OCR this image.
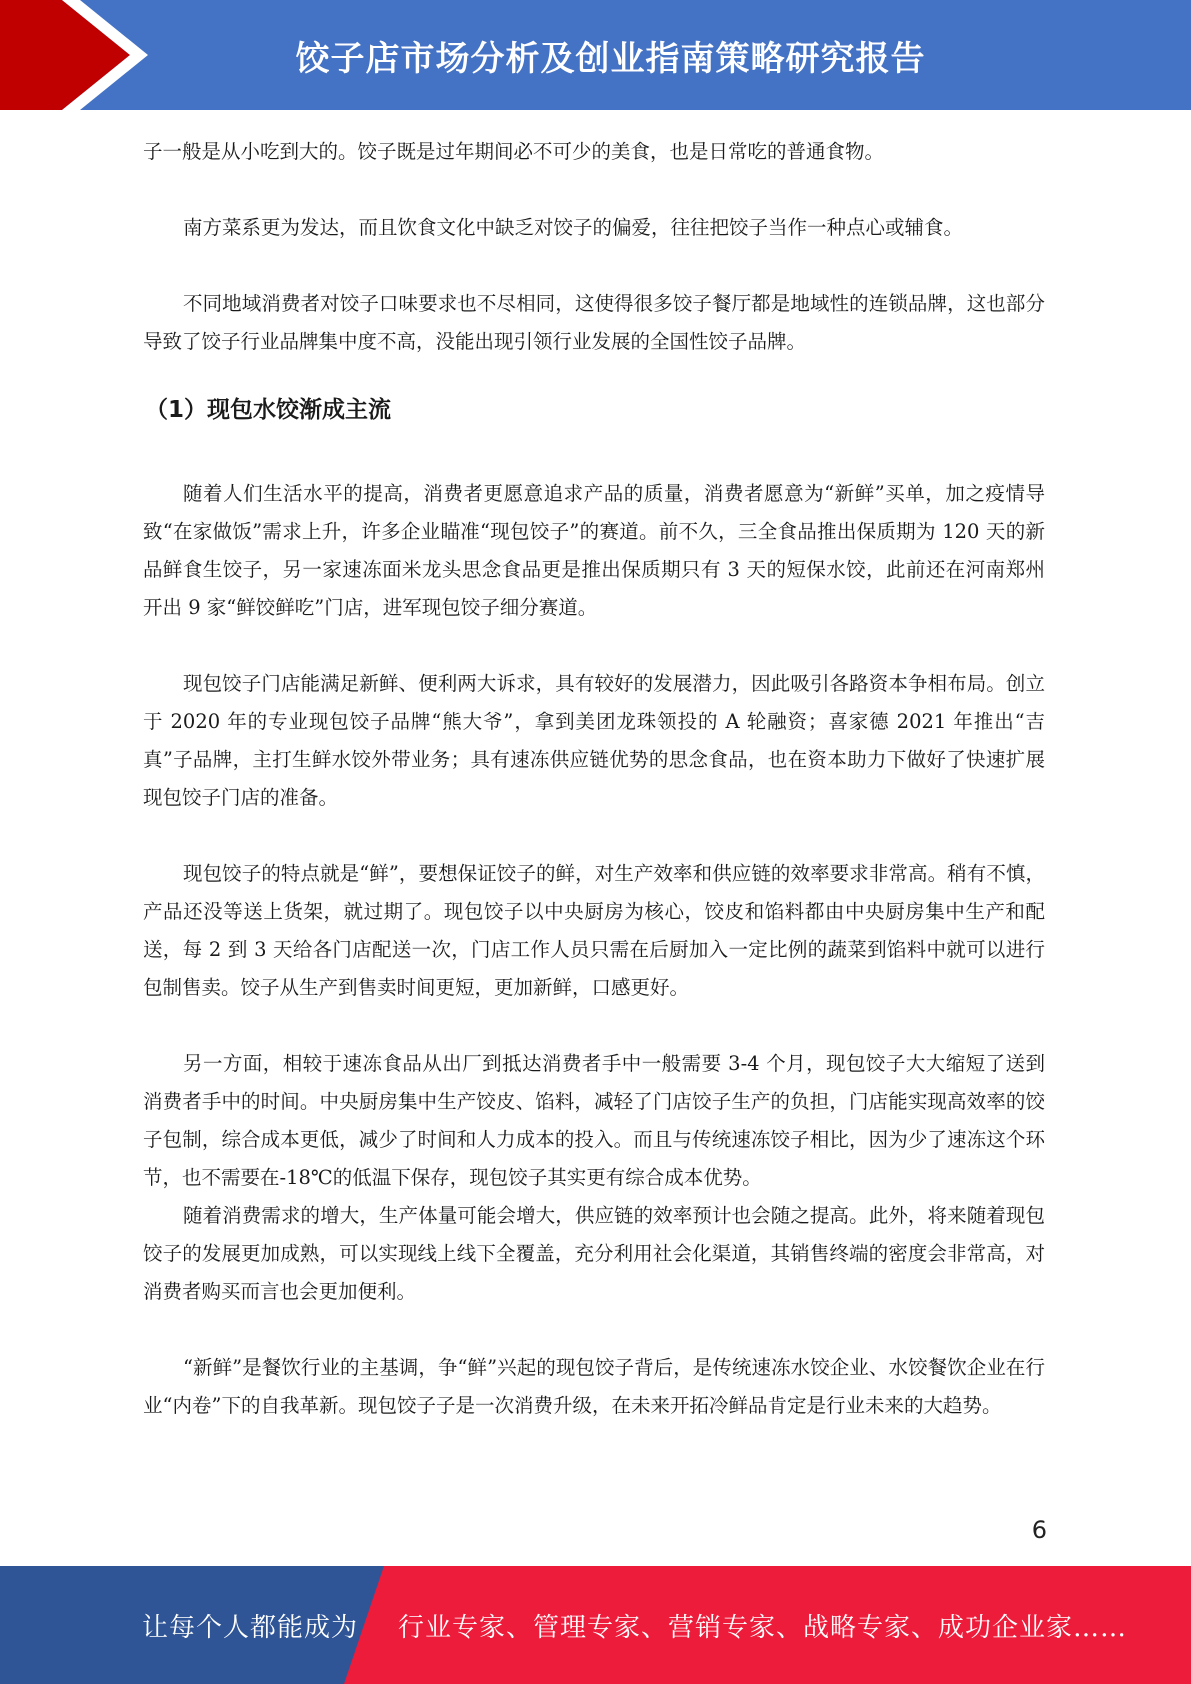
饺子店市场分析及创业指南策略研究报告

子一般是从小吃到大的。饺子既是过年期间必不可少的美食，也是日常吃的普通食物。

南方菜系更为发达，而且饮食文化中缺乏对饺子的偏爱，往往把饺子当作一种点心或辅食。

不同地域消费者对饺子口味要求也不尽相同，这使得很多饺子餐厅都是地域性的连锁品牌，这也部分导致了饺子行业品牌集中度不高，没能出现引领行业发展的全国性饺子品牌。

（1）现包水饺渐成主流

随着人们生活水平的提高，消费者更愿意追求产品的质量，消费者愿意为“新鲜”买单，加之疫情导致“在家做饭”需求上升，许多企业瞄准“现包饺子”的赛道。前不久，三全食品推出保质期为 120 天的新品鲜食生饺子，另一家速冻面米龙头思念食品更是推出保质期只有 3 天的短保水饺，此前还在河南郑州开出 9 家“鲜饺鲜吃”门店，进军现包饺子细分赛道。

现包饺子门店能满足新鲜、便利两大诉求，具有较好的发展潜力，因此吸引各路资本争相布局。创立于 2020 年的专业现包饺子品牌“熊大爷”，拿到美团龙珠领投的 A 轮融资；喜家德 2021 年推出“吉真”子品牌，主打生鲜水饺外带业务；具有速冻供应链优势的思念食品，也在资本助力下做好了快速扩展现包饺子门店的准备。

现包饺子的特点就是“鲜”，要想保证饺子的鲜，对生产效率和供应链的效率要求非常高。稍有不慎，产品还没等送上货架，就过期了。现包饺子以中央厨房为核心，饺皮和馅料都由中央厨房集中生产和配送，每 2 到 3 天给各门店配送一次，门店工作人员只需在后厨加入一定比例的蔬菜到馅料中就可以进行包制售卖。饺子从生产到售卖时间更短，更加新鲜，口感更好。

另一方面，相较于速冻食品从出厂到抵达消费者手中一般需要 3-4 个月，现包饺子大大缩短了送到消费者手中的时间。中央厨房集中生产饺皮、馅料，减轻了门店饺子生产的负担，门店能实现高效率的饺子包制，综合成本更低，减少了时间和人力成本的投入。而且与传统速冻饺子相比，因为少了速冻这个环节，也不需要在-18℃的低温下保存，现包饺子其实更有综合成本优势。

随着消费需求的增大，生产体量可能会增大，供应链的效率预计也会随之提高。此外，将来随着现包饺子的发展更加成熟，可以实现线上线下全覆盖，充分利用社会化渠道，其销售终端的密度会非常高，对消费者购买而言也会更加便利。

“新鲜”是餐饮行业的主基调，争“鲜”兴起的现包饺子背后，是传统速冻水饺企业、水饺餐饮企业在行业“内卷”下的自我革新。现包饺子子是一次消费升级，在未来开拓冷鲜品肯定是行业未来的大趋势。

6
让每个人都能成为 行业专家、管理专家、营销专家、战略专家、成功企业家……
